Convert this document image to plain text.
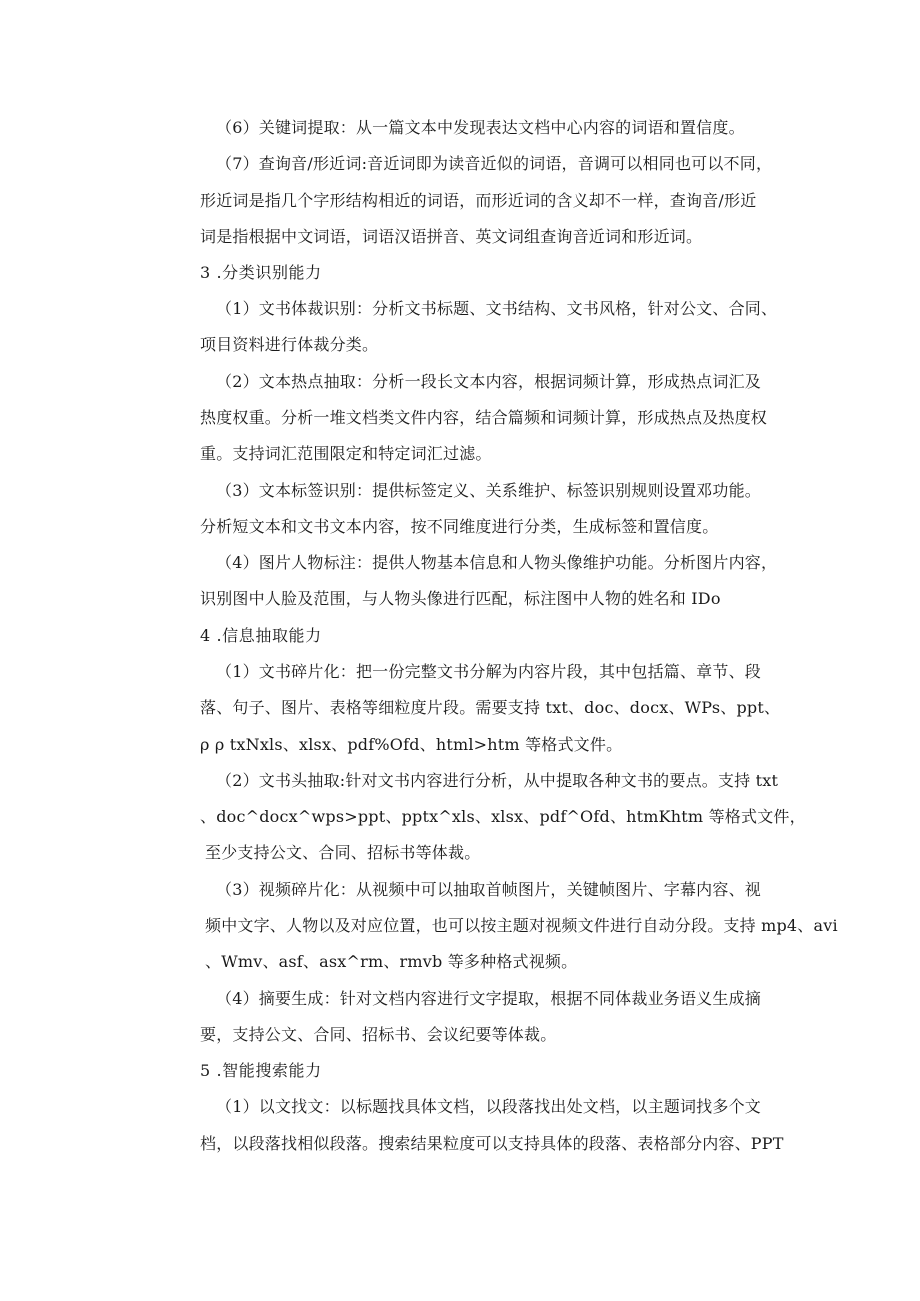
（6）关键词提取：从一篇文本中发现表达文档中心内容的词语和置信度。
（7）查询音/形近词:音近词即为读音近似的词语，音调可以相同也可以不同，
形近词是指几个字形结构相近的词语，而形近词的含义却不一样，查询音/形近
词是指根据中文词语，词语汉语拼音、英文词组查询音近词和形近词。
3 .分类识别能力
（1）文书体裁识别：分析文书标题、文书结构、文书风格，针对公文、合同、
项目资料进行体裁分类。
（2）文本热点抽取：分析一段长文本内容，根据词频计算，形成热点词汇及
热度权重。分析一堆文档类文件内容，结合篇频和词频计算，形成热点及热度权
重。支持词汇范围限定和特定词汇过滤。
（3）文本标签识别：提供标签定义、关系维护、标签识别规则设置邓功能。
分析短文本和文书文本内容，按不同维度进行分类，生成标签和置信度。
（4）图片人物标注：提供人物基本信息和人物头像维护功能。分析图片内容，
识别图中人脸及范围，与人物头像进行匹配，标注图中人物的姓名和 IDo
4 .信息抽取能力
（1）文书碎片化：把一份完整文书分解为内容片段，其中包括篇、章节、段
落、句子、图片、表格等细粒度片段。需要支持 txt、doc、docx、WPs、ppt、
ρ ρ txNxls、xlsx、pdf%Ofd、html>htm 等格式文件。
（2）文书头抽取:针对文书内容进行分析，从中提取各种文书的要点。支持 txt
、doc^docx^wps>ppt、pptx^xls、xlsx、pdf^Ofd、htmKhtm 等格式文件，
至少支持公文、合同、招标书等体裁。
（3）视频碎片化：从视频中可以抽取首帧图片，关键帧图片、字幕内容、视
频中文字、人物以及对应位置，也可以按主题对视频文件进行自动分段。支持 mp4、avi
、Wmv、asf、asx^rm、rmvb 等多种格式视频。
（4）摘要生成：针对文档内容进行文字提取，根据不同体裁业务语义生成摘
要，支持公文、合同、招标书、会议纪要等体裁。
5 .智能搜索能力
（1）以文找文：以标题找具体文档，以段落找出处文档，以主题词找多个文
档，以段落找相似段落。搜索结果粒度可以支持具体的段落、表格部分内容、PPT
